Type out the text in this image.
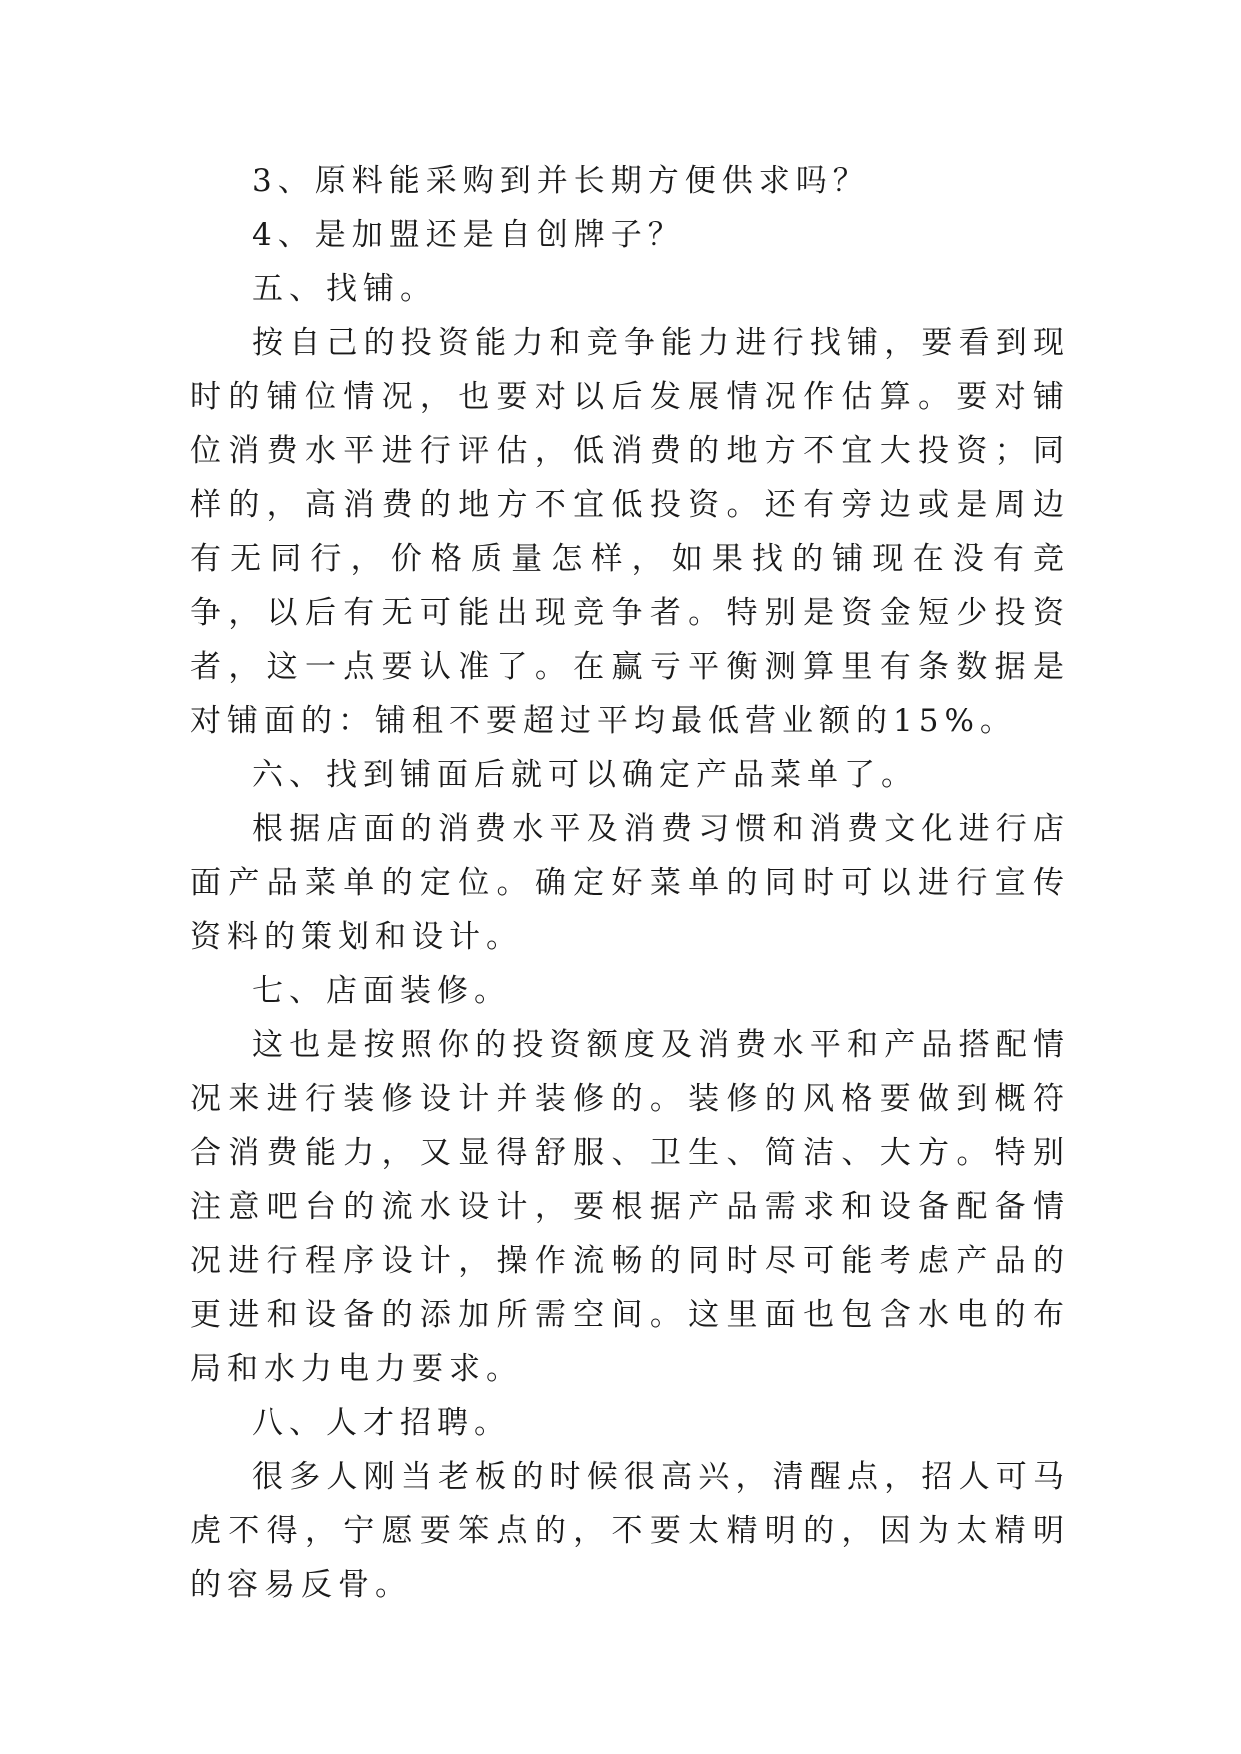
3、原料能采购到并长期方便供求吗？

4、是加盟还是自创牌子？

五、找铺。

按自己的投资能力和竞争能力进行找铺，要看到现时的铺位情况，也要对以后发展情况作估算。要对铺位消费水平进行评估，低消费的地方不宜大投资；同样的，高消费的地方不宜低投资。还有旁边或是周边有无同行，价格质量怎样，如果找的铺现在没有竞争，以后有无可能出现竞争者。特别是资金短少投资者，这一点要认准了。在赢亏平衡测算里有条数据是对铺面的：铺租不要超过平均最低营业额的15%。

六、找到铺面后就可以确定产品菜单了。

根据店面的消费水平及消费习惯和消费文化进行店面产品菜单的定位。确定好菜单的同时可以进行宣传资料的策划和设计。

七、店面装修。

这也是按照你的投资额度及消费水平和产品搭配情况来进行装修设计并装修的。装修的风格要做到概符合消费能力，又显得舒服、卫生、简洁、大方。特别注意吧台的流水设计，要根据产品需求和设备配备情况进行程序设计，操作流畅的同时尽可能考虑产品的更进和设备的添加所需空间。这里面也包含水电的布局和水力电力要求。

八、人才招聘。

很多人刚当老板的时候很高兴，清醒点，招人可马虎不得，宁愿要笨点的，不要太精明的，因为太精明的容易反骨。
